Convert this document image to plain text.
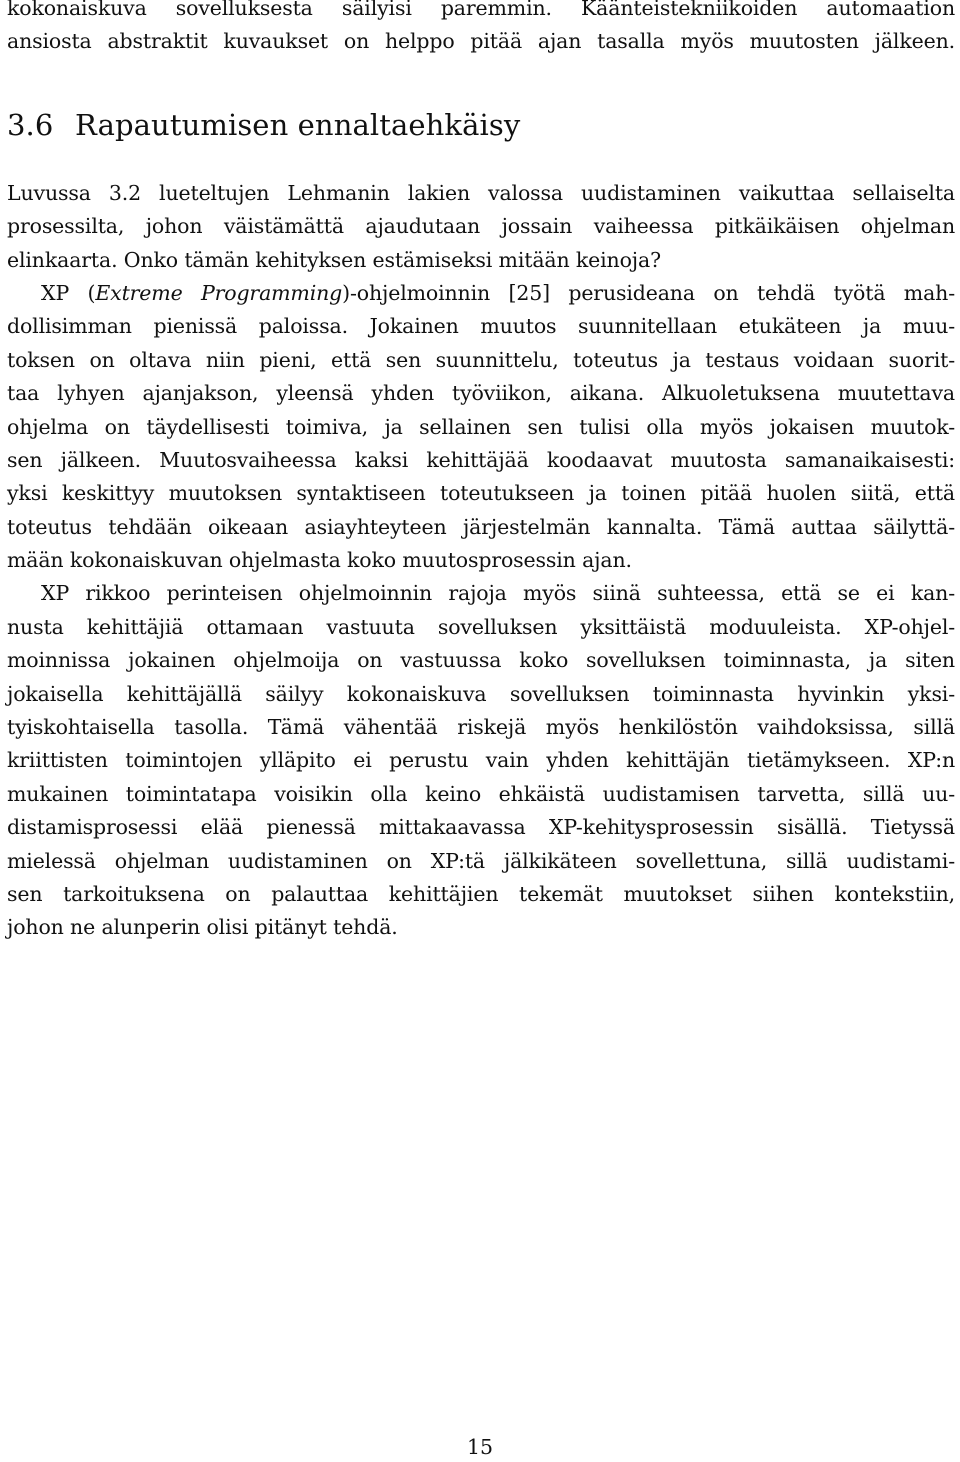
kokonaiskuva sovelluksesta säilyisi paremmin. Käänteistekniikoiden automaation

ansiosta abstraktit kuvaukset on helppo pitää ajan tasalla myös muutosten jälkeen.

3.6 Rapautumisen ennaltaehkäisy

Luvussa 3.2 lueteltujen Lehmanin lakien valossa uudistaminen vaikuttaa sellaiselta

prosessilta, johon väistämättä ajaudutaan jossain vaiheessa pitkäikäisen ohjelman

elinkaarta. Onko tämän kehityksen estämiseksi mitään keinoja?

XP (Extreme Programming)-ohjelmoinnin [25] perusideana on tehdä työtä mah-

dollisimman pienissä paloissa. Jokainen muutos suunnitellaan etukäteen ja muu-

toksen on oltava niin pieni, että sen suunnittelu, toteutus ja testaus voidaan suorit-

taa lyhyen ajanjakson, yleensä yhden työviikon, aikana. Alkuoletuksena muutettava

ohjelma on täydellisesti toimiva, ja sellainen sen tulisi olla myös jokaisen muutok-

sen jälkeen. Muutosvaiheessa kaksi kehittäjää koodaavat muutosta samanaikaisesti:

yksi keskittyy muutoksen syntaktiseen toteutukseen ja toinen pitää huolen siitä, että

toteutus tehdään oikeaan asiayhteyteen järjestelmän kannalta. Tämä auttaa säilyttä-

mään kokonaiskuvan ohjelmasta koko muutosprosessin ajan.

XP rikkoo perinteisen ohjelmoinnin rajoja myös siinä suhteessa, että se ei kan-

nusta kehittäjiä ottamaan vastuuta sovelluksen yksittäistä moduuleista. XP-ohjel-

moinnissa jokainen ohjelmoija on vastuussa koko sovelluksen toiminnasta, ja siten

jokaisella kehittäjällä säilyy kokonaiskuva sovelluksen toiminnasta hyvinkin yksi-

tyiskohtaisella tasolla. Tämä vähentää riskejä myös henkilöstön vaihdoksissa, sillä

kriittisten toimintojen ylläpito ei perustu vain yhden kehittäjän tietämykseen. XP:n

mukainen toimintatapa voisikin olla keino ehkäistä uudistamisen tarvetta, sillä uu-

distamisprosessi elää pienessä mittakaavassa XP-kehitysprosessin sisällä. Tietyssä

mielessä ohjelman uudistaminen on XP:tä jälkikäteen sovellettuna, sillä uudistami-

sen tarkoituksena on palauttaa kehittäjien tekemät muutokset siihen kontekstiin,

johon ne alunperin olisi pitänyt tehdä.

15
